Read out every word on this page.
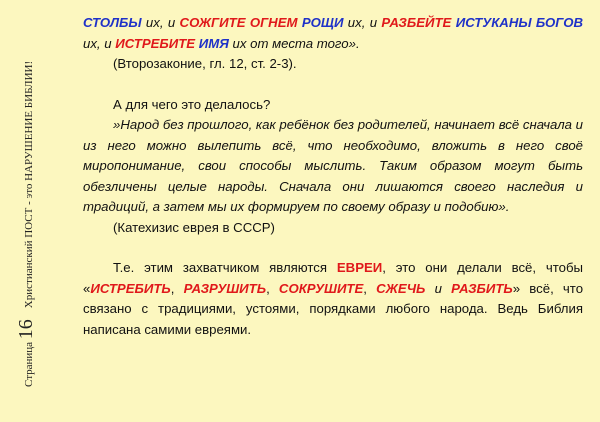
Страница 16    Христианский ПОСТ - это НАРУШЕНИЕ БИБЛИИ!

СТОЛБЫ их, и СОЖГИТЕ ОГНЕМ РОЩИ их, и РАЗБЕЙТЕ ИСТУКАНЫ БОГОВ их, и ИСТРЕБИТЕ ИМЯ их от места того».

(Второзаконие, гл. 12, ст. 2-3).

А для чего это делалось?

»Народ без прошлого, как ребёнок без родителей, начинает всё сначала и из него можно вылепить всё, что необходимо, вложить в него своё миропонимание, свои способы мыслить. Таким образом могут быть обезличены целые народы. Сначала они лишаются своего наследия и традиций, а затем мы их формируем по своему образу и подобию».

(Катехизис еврея в СССР)

Т.е. этим захватчиком являются ЕВРЕИ, это они делали всё, чтобы «ИСТРЕБИТЬ, РАЗРУШИТЬ, СОКРУШИТЕ, СЖЕЧЬ и РАЗБИТЬ» всё, что связано с традициями, устоями, порядками любого народа. Ведь Библия написана самими евреями.
